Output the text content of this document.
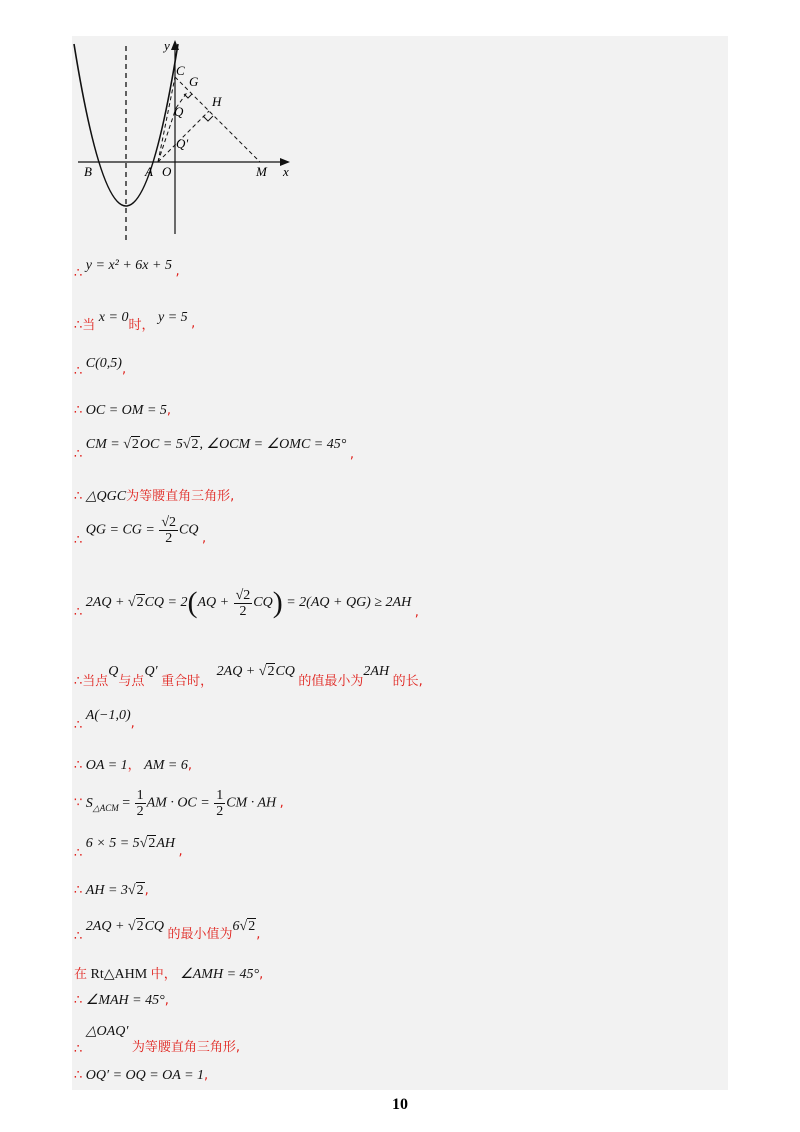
y
C
G
H
Q
Q'
B	A O	M x
∴ y = x² + 6x + 5 ,
∴当 x = 0时， y = 5 ,
∴ C(0,5),
∴ OC = OM = 5,
∴ CM = √2OC = 5√2, ∠OCM = ∠OMC = 45° ,
∴ △QGC为等腰直角三角形,
∴ QG = CG = $\frac{√2}{2}$ CQ ,
∴ $2AQ + √2CQ = 2(AQ + \frac{√2}{2} CQ) = 2(AQ + QG) \ge 2AH$ ,
∴当点Q与点Q′ 重合时， 2AQ + √2CQ 的值最小为2AH 的长,
∴ A(−1,0),
∴ OA = 1， AM = 6,
∵ $S_{\triangle ACM} = \frac{1}{2}$ AM · OC = $\frac{1}{2}$ CM · AH ,
∴ 6 × 5 = 5√2AH ,
∴ AH = 3√2,
∴ 2AQ + √2CQ 的最小值为6√2,
在 Rt△AHM 中， ∠AMH = 45°,
∴ ∠MAH = 45°,
∴ △OAQ′ 为等腰直角三角形,
∴ OQ′ = OQ = OA = 1,
10
